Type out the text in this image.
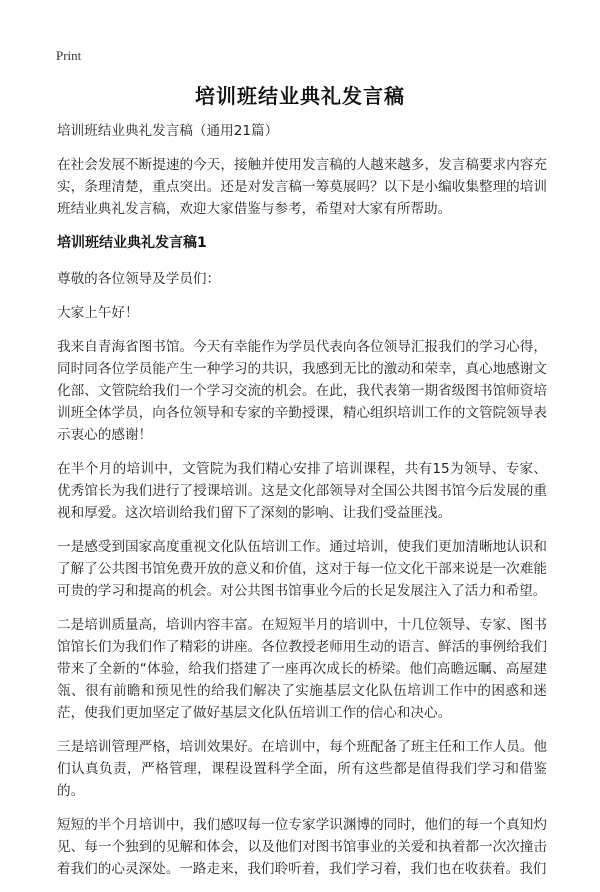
Print
培训班结业典礼发言稿

培训班结业典礼发言稿（通用21篇）

在社会发展不断提速的今天，接触并使用发言稿的人越来越多，发言稿要求内容充实，条理清楚，重点突出。还是对发言稿一筹莫展吗？以下是小编收集整理的培训班结业典礼发言稿，欢迎大家借鉴与参考，希望对大家有所帮助。

培训班结业典礼发言稿1

尊敬的各位领导及学员们：

大家上午好！

我来自青海省图书馆。今天有幸能作为学员代表向各位领导汇报我们的学习心得，同时同各位学员能产生一种学习的共识，我感到无比的激动和荣幸，真心地感谢文化部、文管院给我们一个学习交流的机会。在此，我代表第一期省级图书馆师资培训班全体学员，向各位领导和专家的辛勤授课，精心组织培训工作的文管院领导表示衷心的感谢！

在半个月的培训中，文管院为我们精心安排了培训课程，共有15为领导、专家、优秀馆长为我们进行了授课培训。这是文化部领导对全国公共图书馆今后发展的重视和厚爱。这次培训给我们留下了深刻的影响、让我们受益匪浅。

一是感受到国家高度重视文化队伍培训工作。通过培训，使我们更加清晰地认识和了解了公共图书馆免费开放的意义和价值，这对于每一位文化干部来说是一次难能可贵的学习和提高的机会。对公共图书馆事业今后的长足发展注入了活力和希望。

二是培训质量高，培训内容丰富。在短短半月的培训中，十几位领导、专家、图书馆馆长们为我们作了精彩的讲座。各位教授老师用生动的语言、鲜活的事例给我们带来了全新的“体验，给我们搭建了一座再次成长的桥梁。他们高瞻远瞩、高屋建瓴、很有前瞻和预见性的给我们解决了实施基层文化队伍培训工作中的困惑和迷茫，使我们更加坚定了做好基层文化队伍培训工作的信心和决心。

三是培训管理严格，培训效果好。在培训中，每个班配备了班主任和工作人员。他们认真负责，严格管理，课程设置科学全面，所有这些都是值得我们学习和借鉴的。

短短的半个月培训中，我们感叹每一位专家学识渊博的同时，他们的每一个真知灼见、每一个独到的见解和体会，以及他们对图书馆事业的关爱和执着都一次次撞击着我们的心灵深处。一路走来，我们聆听着，我们学习着，我们也在收获着。我们
